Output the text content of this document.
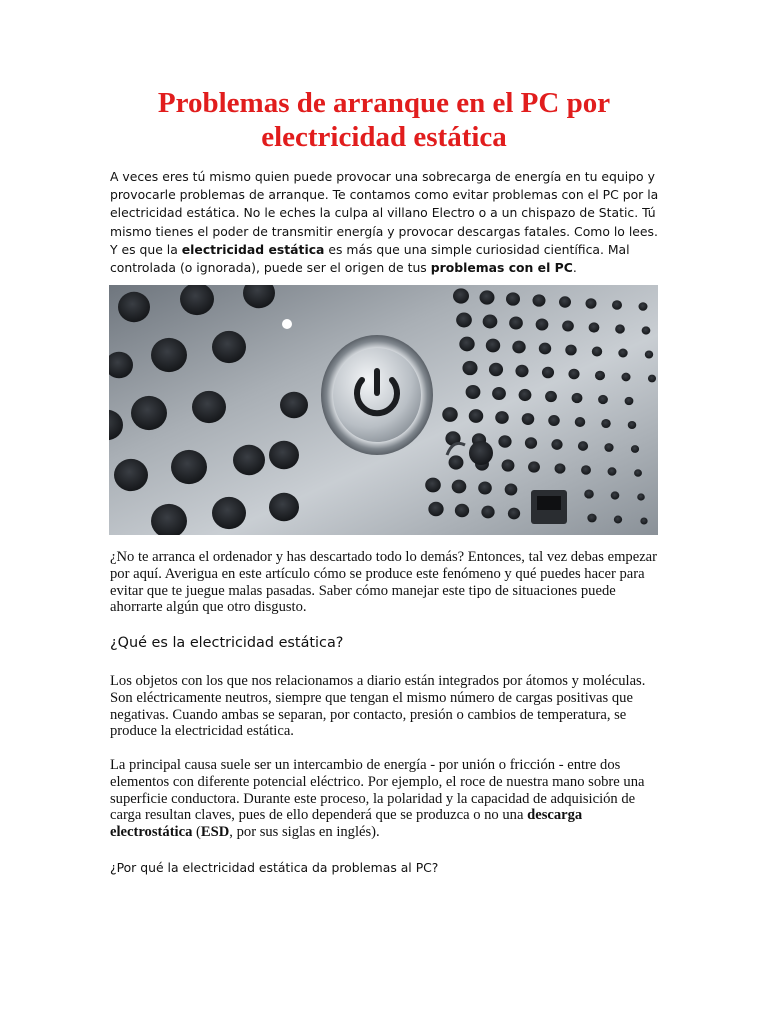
Problemas de arranque en el PC por electricidad estática

A veces eres tú mismo quien puede provocar una sobrecarga de energía en tu equipo y provocarle problemas de arranque. Te contamos como evitar problemas con el PC por la electricidad estática. No le eches la culpa al villano Electro o a un chispazo de Static. Tú mismo tienes el poder de transmitir energía y provocar descargas fatales. Como lo lees. Y es que la electricidad estática es más que una simple curiosidad científica. Mal controlada (o ignorada), puede ser el origen de tus problemas con el PC.

¿No te arranca el ordenador y has descartado todo lo demás? Entonces, tal vez debas empezar por aquí. Averigua en este artículo cómo se produce este fenómeno y qué puedes hacer para evitar que te juegue malas pasadas. Saber cómo manejar este tipo de situaciones puede ahorrarte algún que otro disgusto.

¿Qué es la electricidad estática?

Los objetos con los que nos relacionamos a diario están integrados por átomos y moléculas. Son eléctricamente neutros, siempre que tengan el mismo número de cargas positivas que negativas. Cuando ambas se separan, por contacto, presión o cambios de temperatura, se produce la electricidad estática.

La principal causa suele ser un intercambio de energía - por unión o fricción - entre dos elementos con diferente potencial eléctrico. Por ejemplo, el roce de nuestra mano sobre una superficie conductora. Durante este proceso, la polaridad y la capacidad de adquisición de carga resultan claves, pues de ello dependerá que se produzca o no una descarga electrostática (ESD, por sus siglas en inglés).

¿Por qué la electricidad estática da problemas al PC?
